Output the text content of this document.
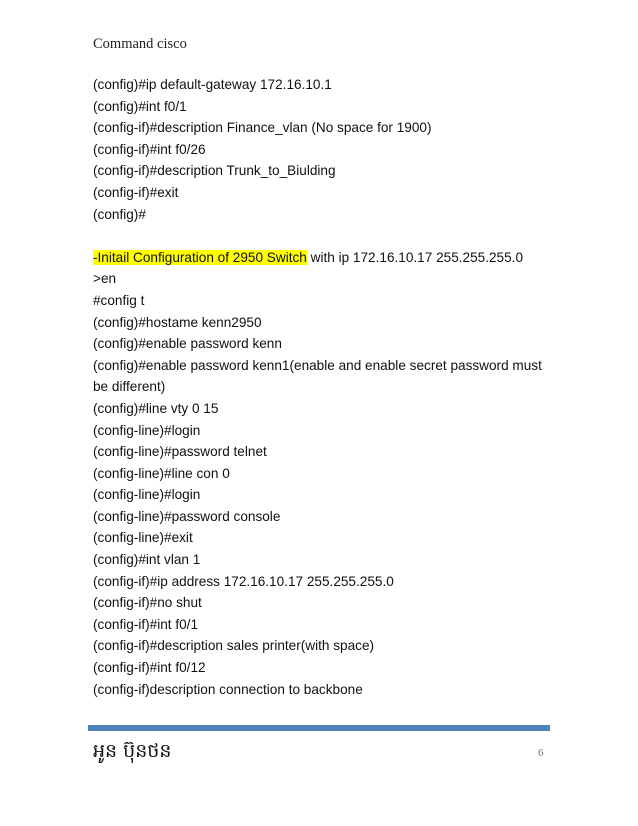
Command cisco
(config)#ip default-gateway 172.16.10.1
(config)#int f0/1
(config-if)#description Finance_vlan (No space for 1900)
(config-if)#int f0/26
(config-if)#description Trunk_to_Biulding
(config-if)#exit
(config)#
-Initail Configuration of 2950 Switch with ip 172.16.10.17 255.255.255.0
>en
#config t
(config)#hostame kenn2950
(config)#enable password kenn
(config)#enable password kenn1(enable and enable secret password must be different)
(config)#line vty 0 15
(config-line)#login
(config-line)#password telnet
(config-line)#line con 0
(config-line)#login
(config-line)#password console
(config-line)#exit
(config)#int vlan 1
(config-if)#ip address 172.16.10.17 255.255.255.0
(config-if)#no shut
(config-if)#int f0/1
(config-if)#description sales printer(with space)
(config-if)#int f0/12
(config-if)description connection to backbone
អូន ប៊ុនថន	6
